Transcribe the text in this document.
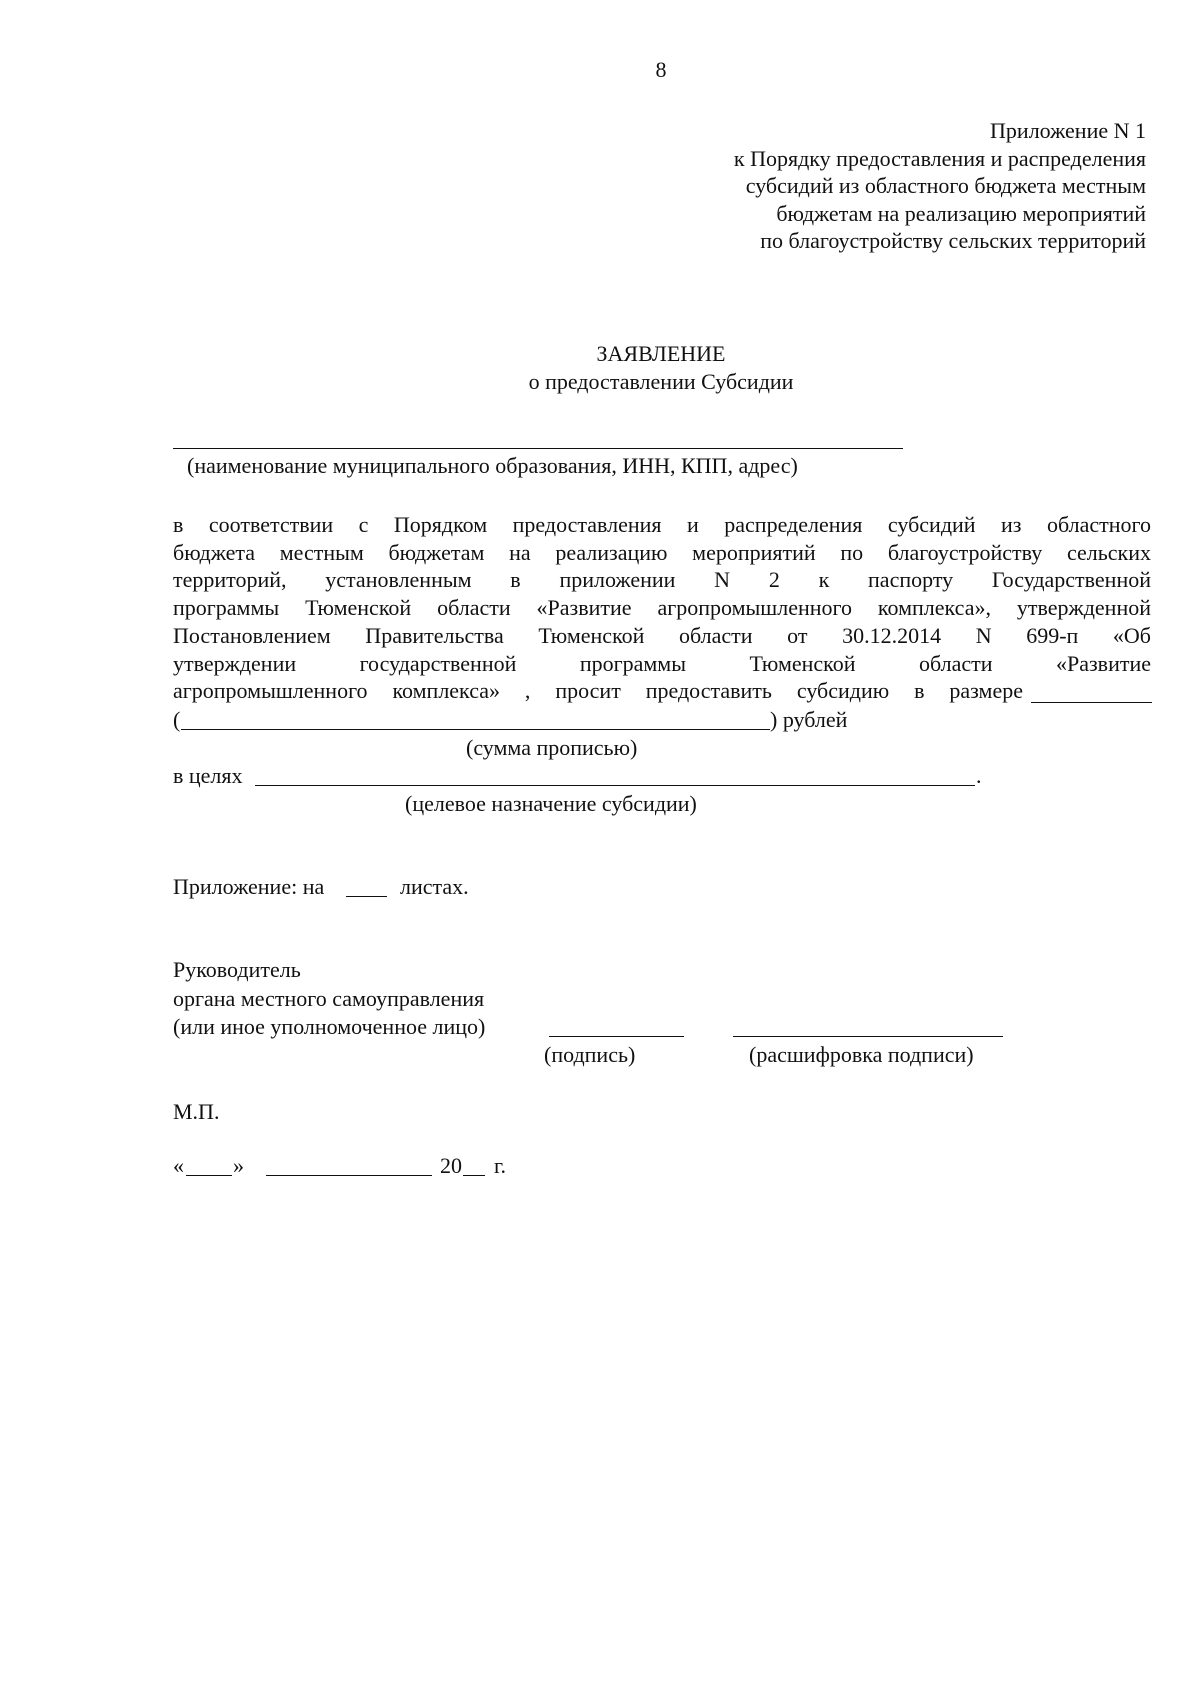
8
Приложение N 1
к Порядку предоставления и распределения
субсидий из областного бюджета местным
бюджетам на реализацию мероприятий
по благоустройству сельских территорий
ЗАЯВЛЕНИЕ
о предоставлении Субсидии
(наименование муниципального образования, ИНН, КПП, адрес)
в соответствии с Порядком предоставления и распределения субсидий из областного
бюджета местным бюджетам на реализацию мероприятий по благоустройству сельских
территорий, установленным в приложении N 2 к паспорту Государственной
программы Тюменской области «Развитие агропромышленного комплекса», утвержденной
Постановлением Правительства Тюменской области от 30.12.2014 N 699-п «Об
утверждении государственной программы Тюменской области «Развитие
агропромышленного комплекса» , просит предоставить субсидию в размере
(	) рублей
(сумма прописью)
в целях	.
(целевое назначение субсидии)
Приложение: на	листах.
Руководитель
органа местного самоуправления
(или иное уполномоченное лицо)
(подпись)	(расшифровка подписи)
М.П.
« »	20 г.
